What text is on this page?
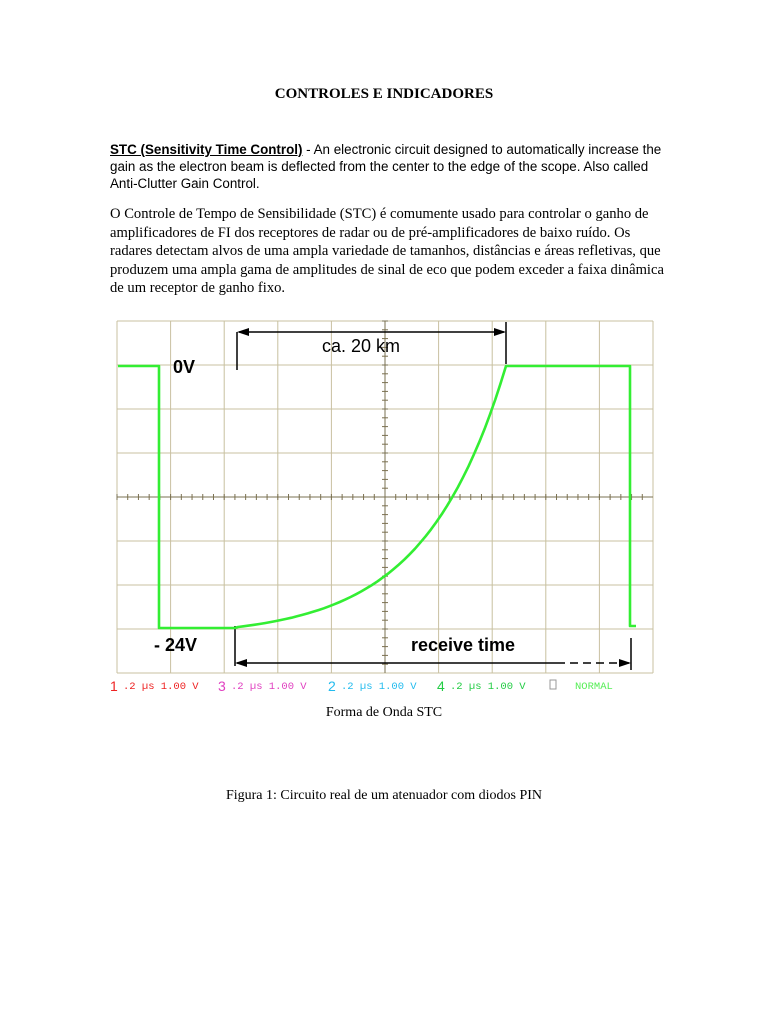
CONTROLES E INDICADORES
STC (Sensitivity Time Control) - An electronic circuit designed to automatically increase the gain as the electron beam is deflected from the center to the edge of the scope. Also called Anti-Clutter Gain Control.
O Controle de Tempo de Sensibilidade (STC) é comumente usado para controlar o ganho de amplificadores de FI dos receptores de radar ou de pré-amplificadores de baixo ruído. Os radares detectam alvos de uma ampla variedade de tamanhos, distâncias e áreas refletivas, que produzem uma ampla gama de amplitudes de sinal de eco que podem exceder a faixa dinâmica de um receptor de ganho fixo.
ca. 20 km
0V
- 24V	receive time
1 .2 µs 1.00 V 3 .2 µs 1.00 V 2 .2 µs 1.00 V 4 .2 µs 1.00 V	NORMAL
Forma de Onda STC
Figura 1: Circuito real de um atenuador com diodos PIN
